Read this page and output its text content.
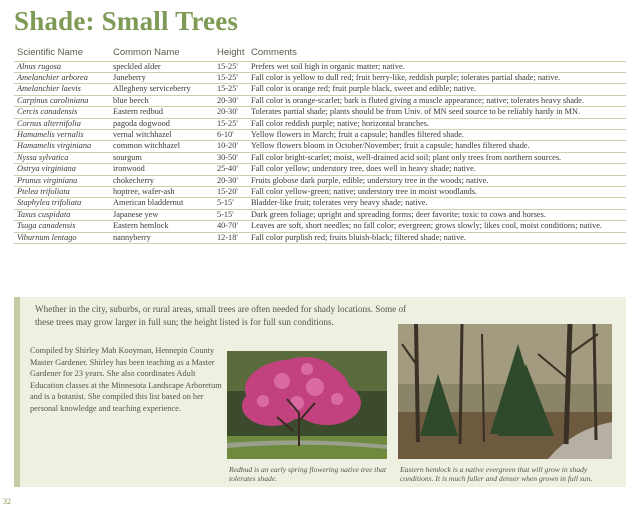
Shade: Small Trees
Scientific Name	Common Name	Height	Comments
Alnus rugosa	speckled alder	15-25'	Prefers wet soil high in organic matter; native.
Amelanchier arborea	Juneberry	15-25'	Fall color is yellow to dull red; fruit berry-like, reddish purple; tolerates partial shade; native.
Amelanchier laevis	Allegheny serviceberry	15-25'	Fall color is orange red; fruit purple black, sweet and edible; native.
Carpinus caroliniana	blue beech	20-30'	Fall color is orange-scarlet; bark is fluted giving a muscle appearance; native; tolerates heavy shade.
Cercis canadensis	Eastern redbud	20-30'	Tolerates partial shade; plants should be from Univ. of MN seed source to be reliably hardy in MN.
Cornus alternifolia	pagoda dogwood	15-25'	Fall color reddish purple; native; horizontal branches.
Hamamelis vernalis	vernal witchhazel	6-10'	Yellow flowers in March; fruit a capsule; handles filtered shade.
Hamamelis virginiana	common witchhazel	10-20'	Yellow flowers bloom in October/November; fruit a capsule; handles filtered shade.
Nyssa sylvatica	sourgum	30-50'	Fall color bright-scarlet; moist, well-drained acid soil; plant only trees from northern sources.
Ostrya virginiana	ironwood	25-40'	Fall color yellow; understory tree, does well in heavy shade; native.
Prunus virginiana	chokecherry	20-30'	Fruits globose dark purple, edible; understory tree in the woods; native.
Ptelea trifoliata	hoptree, wafer-ash	15-20'	Fall color yellow-green; native; understory tree in moist woodlands.
Staphylea trifoliata	American bladdernut	5-15'	Bladder-like fruit; tolerates very heavy shade; native.
Taxus cuspidata	Japanese yew	5-15'	Dark green foliage; upright and spreading forms; deer favorite; toxic to cows and horses.
Tsuga canadensis	Eastern hemlock	40-70'	Leaves are soft, short needles; no fall color; evergreen; grows slowly; likes cool, moist conditions; native.
Viburnum lentago	nannyberry	12-18'	Fall color purplish red; fruits bluish-black; filtered shade; native.

Whether in the city, suburbs, or rural areas, small trees are often needed for shady locations. Some of these trees may grow larger in full sun; the height listed is for full sun conditions.

Compiled by Shirley Mah Kooyman, Hennepin County Master Gardener. Shirley has been teaching as a Master Gardener for 23 years. She also coordinates Adult Education classes at the Minnesota Landscape Arboretum and is a botanist. She compiled this list based on her personal knowledge and teaching experience.

Redbud is an early spring flowering native tree that tolerates shade.

Eastern hemlock is a native evergreen that will grow in shady conditions. It is much fuller and denser when grown in full sun.

32
